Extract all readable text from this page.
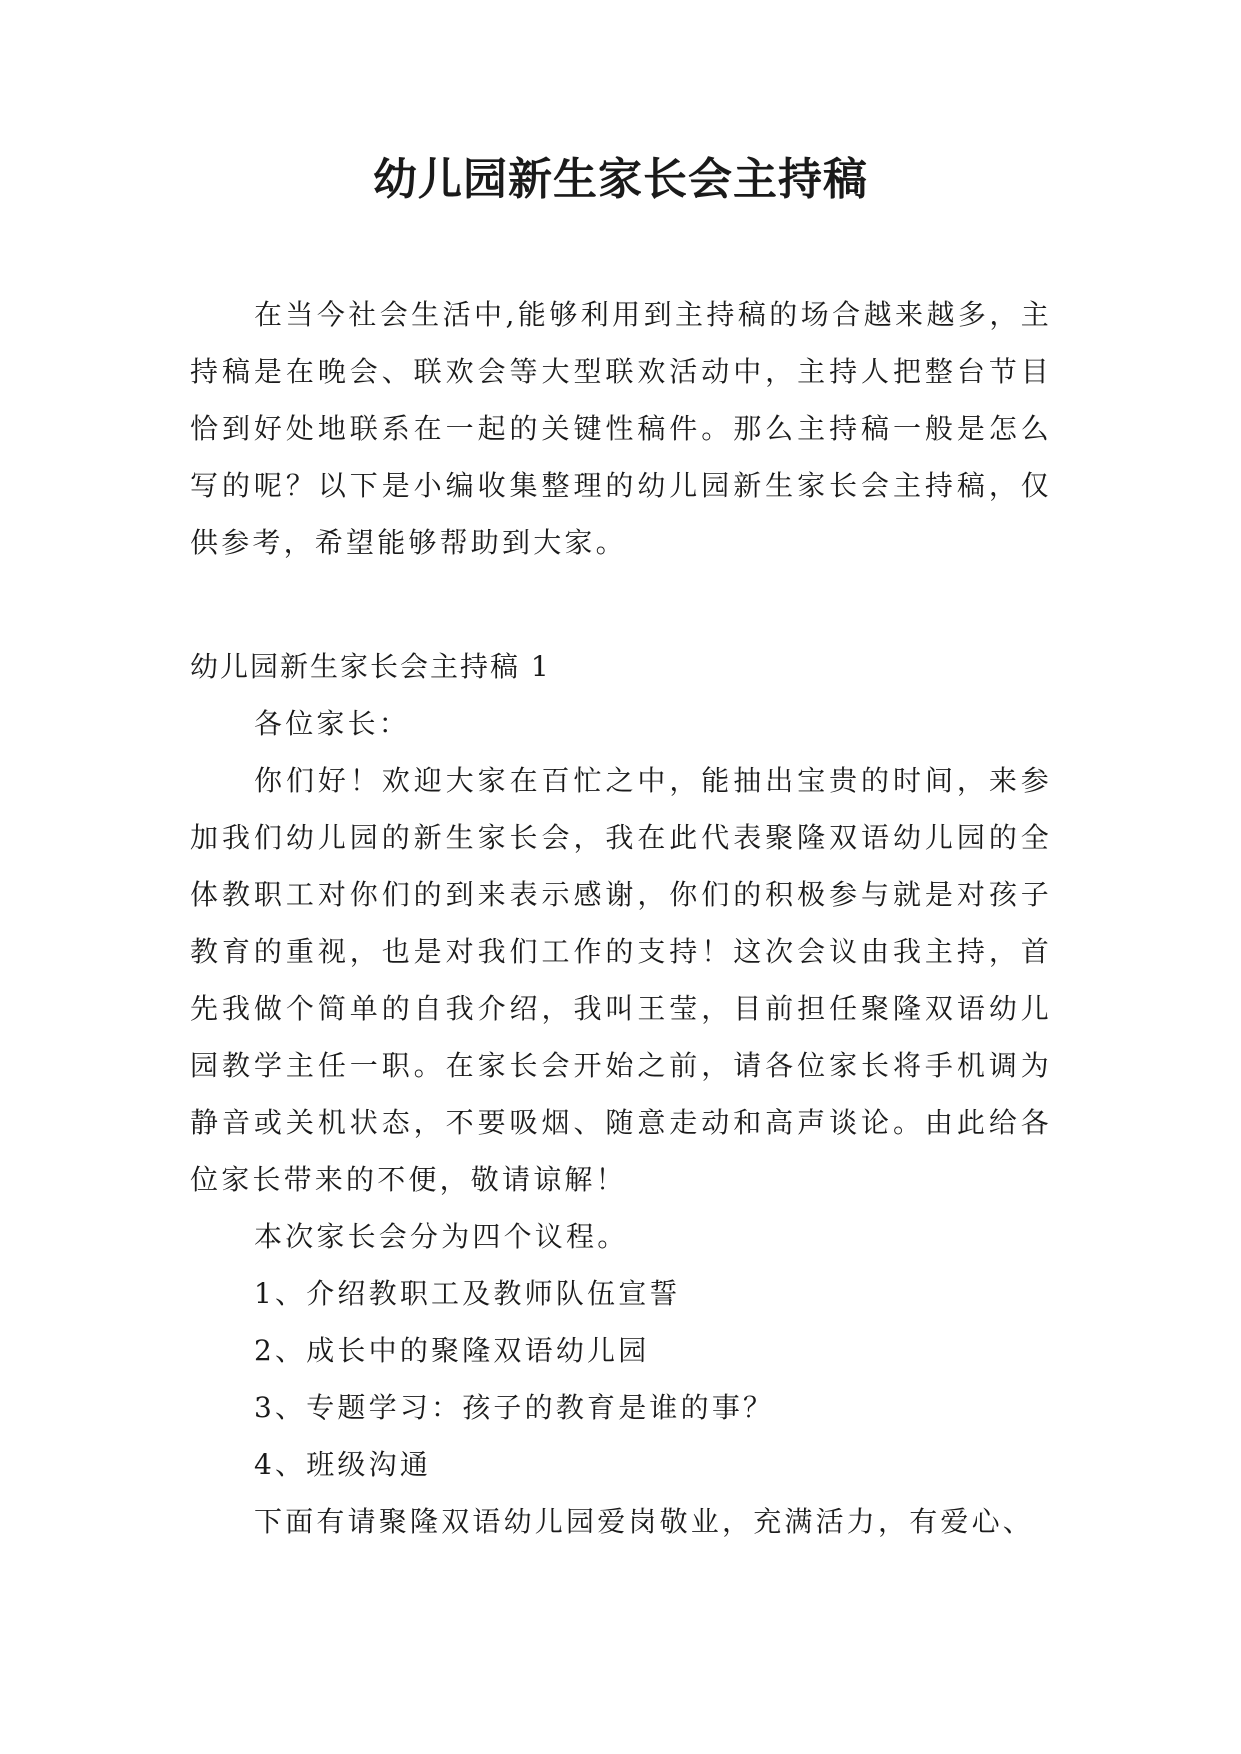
幼儿园新生家长会主持稿

在当今社会生活中,能够利用到主持稿的场合越来越多，主持稿是在晚会、联欢会等大型联欢活动中，主持人把整台节目恰到好处地联系在一起的关键性稿件。那么主持稿一般是怎么写的呢？以下是小编收集整理的幼儿园新生家长会主持稿，仅供参考，希望能够帮助到大家。

幼儿园新生家长会主持稿 1

各位家长：

你们好！欢迎大家在百忙之中，能抽出宝贵的时间，来参加我们幼儿园的新生家长会，我在此代表聚隆双语幼儿园的全体教职工对你们的到来表示感谢，你们的积极参与就是对孩子教育的重视，也是对我们工作的支持！这次会议由我主持，首先我做个简单的自我介绍，我叫王莹，目前担任聚隆双语幼儿园教学主任一职。在家长会开始之前，请各位家长将手机调为静音或关机状态，不要吸烟、随意走动和高声谈论。由此给各位家长带来的不便，敬请谅解！

本次家长会分为四个议程。

1、介绍教职工及教师队伍宣誓

2、成长中的聚隆双语幼儿园

3、专题学习：孩子的教育是谁的事？

4、班级沟通

下面有请聚隆双语幼儿园爱岗敬业，充满活力，有爱心、
